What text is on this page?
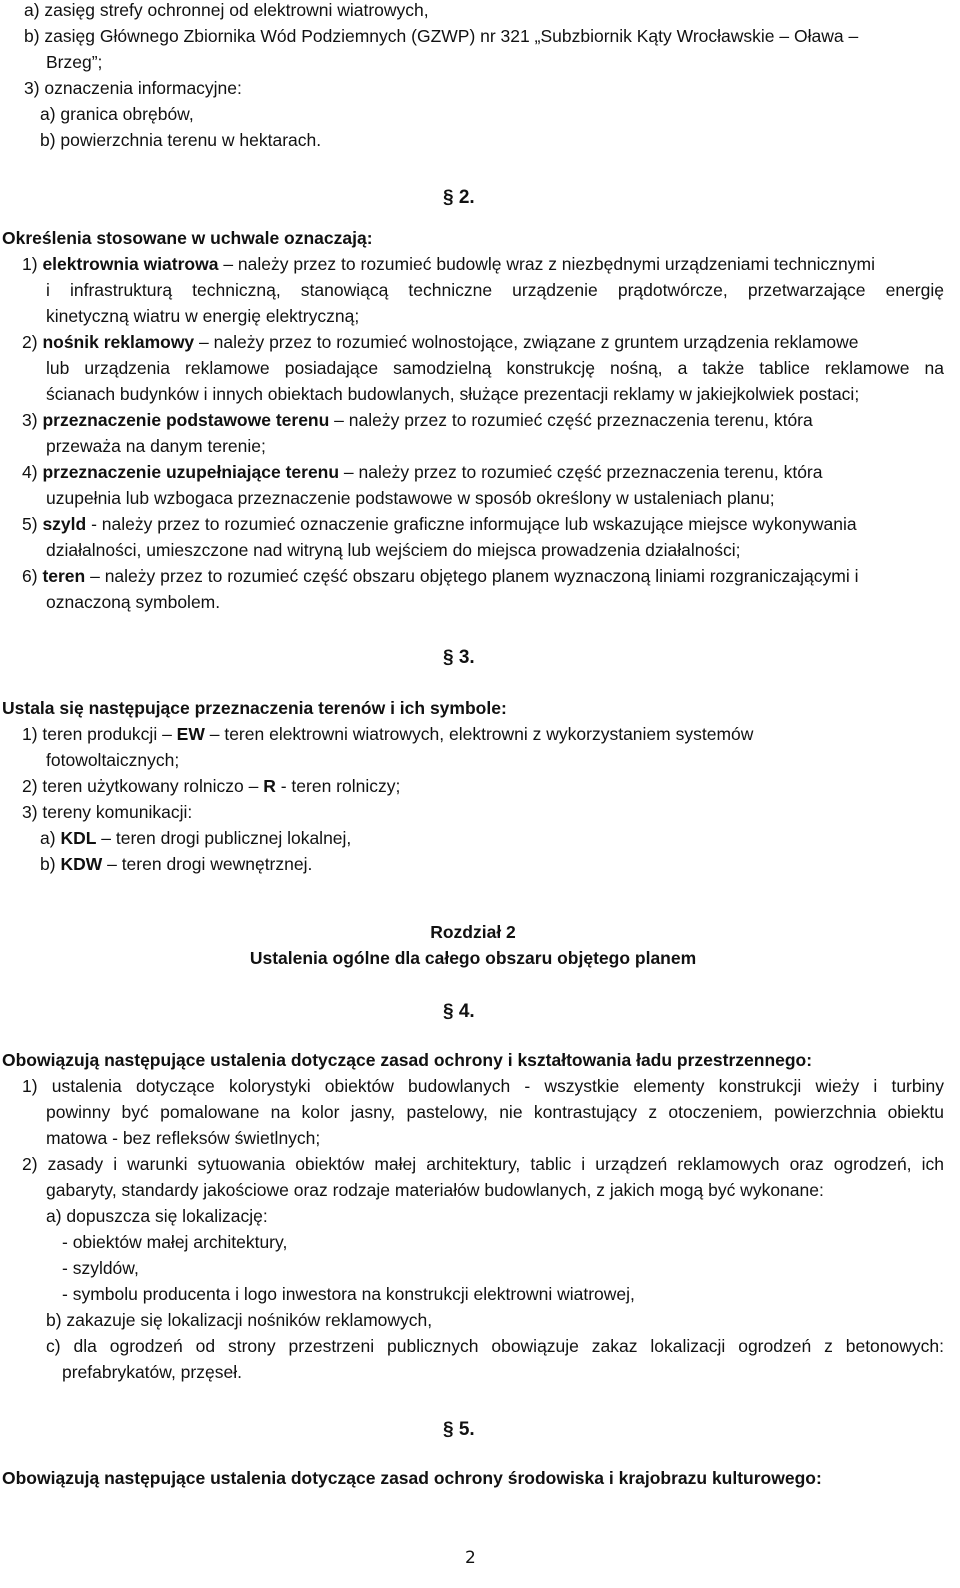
a) zasięg strefy ochronnej od elektrowni wiatrowych,
b) zasięg Głównego Zbiornika Wód Podziemnych (GZWP) nr 321 „Subzbiornik Kąty Wrocławskie – Oława –
Brzeg”;
3) oznaczenia informacyjne:
a) granica obrębów,
b) powierzchnia terenu w hektarach.
§ 2.
Określenia stosowane w uchwale oznaczają:
1) elektrownia wiatrowa – należy przez to rozumieć budowlę wraz z niezbędnymi urządzeniami technicznymi
i infrastrukturą techniczną, stanowiącą techniczne urządzenie prądotwórcze, przetwarzające energię
kinetyczną wiatru w energię elektryczną;
2) nośnik reklamowy – należy przez to rozumieć wolnostojące, związane z gruntem urządzenia reklamowe
lub urządzenia reklamowe posiadające samodzielną konstrukcję nośną, a także tablice reklamowe na
ścianach budynków i innych obiektach budowlanych, służące prezentacji reklamy w jakiejkolwiek postaci;
3) przeznaczenie podstawowe terenu – należy przez to rozumieć część przeznaczenia terenu, która
przeważa na danym terenie;
4) przeznaczenie uzupełniające terenu – należy przez to rozumieć część przeznaczenia terenu, która
uzupełnia lub wzbogaca przeznaczenie podstawowe w sposób określony w ustaleniach planu;
5) szyld - należy przez to rozumieć oznaczenie graficzne informujące lub wskazujące miejsce wykonywania
działalności, umieszczone nad witryną lub wejściem do miejsca prowadzenia działalności;
6) teren – należy przez to rozumieć część obszaru objętego planem wyznaczoną liniami rozgraniczającymi i
oznaczoną symbolem.
§ 3.
Ustala się następujące przeznaczenia terenów i ich symbole:
1) teren produkcji – EW – teren elektrowni wiatrowych, elektrowni z wykorzystaniem systemów
fotowoltaicznych;
2) teren użytkowany rolniczo – R - teren rolniczy;
3) tereny komunikacji:
a) KDL – teren drogi publicznej lokalnej,
b) KDW – teren drogi wewnętrznej.
Rozdział 2
Ustalenia ogólne dla całego obszaru objętego planem
§ 4.
Obowiązują następujące ustalenia dotyczące zasad ochrony i kształtowania ładu przestrzennego:
1) ustalenia dotyczące kolorystyki obiektów budowlanych - wszystkie elementy konstrukcji wieży i turbiny
powinny być pomalowane na kolor jasny, pastelowy, nie kontrastujący z otoczeniem, powierzchnia obiektu
matowa - bez refleksów świetlnych;
2) zasady i warunki sytuowania obiektów małej architektury, tablic i urządzeń reklamowych oraz ogrodzeń, ich
gabaryty, standardy jakościowe oraz rodzaje materiałów budowlanych, z jakich mogą być wykonane:
a) dopuszcza się lokalizację:
- obiektów małej architektury,
- szyldów,
- symbolu producenta i logo inwestora na konstrukcji elektrowni wiatrowej,
b) zakazuje się lokalizacji nośników reklamowych,
c) dla ogrodzeń od strony przestrzeni publicznych obowiązuje zakaz lokalizacji ogrodzeń z betonowych:
prefabrykatów, przęseł.
§ 5.
Obowiązują następujące ustalenia dotyczące zasad ochrony środowiska i krajobrazu kulturowego:
2
